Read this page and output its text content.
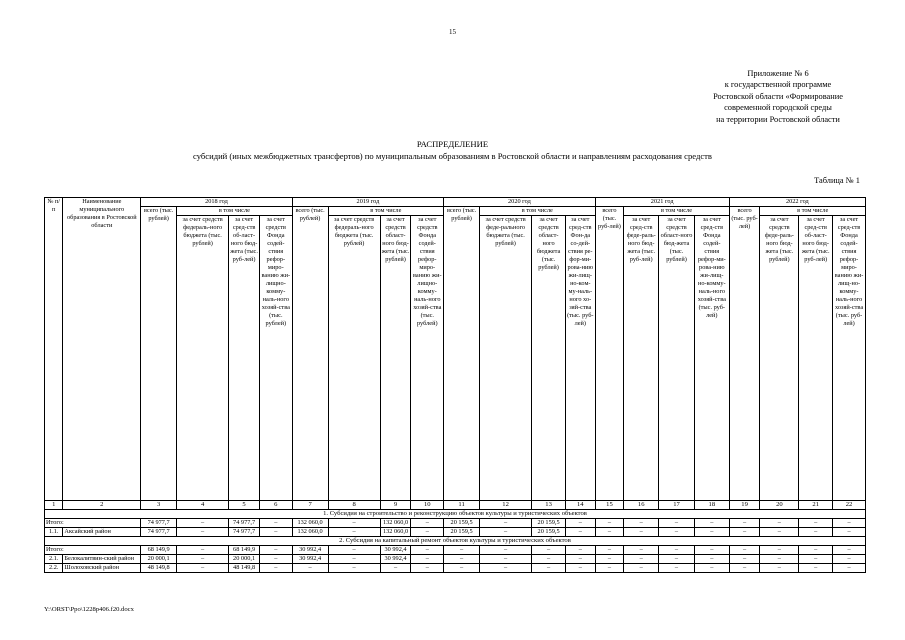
15
Приложение № 6
к государственной программе
Ростовской области «Формирование
современной городской среды
на территории Ростовской области
РАСПРЕДЕЛЕНИЕ
субсидий (иных межбюджетных трансфертов) по муниципальным образованиям в Ростовской области и направлениям расходования средств
Таблица № 1
№ п/п	Наименование муниципального образования в Ростовской области	2018 год				2019 год				2020 год				2021 год				2022 год			
		всего (тыс. рублей)	в том числе			всего (тыс. рублей)	в том числе			всего (тыс. рублей)	в том числе			всего (тыс. руб-лей)	в том числе			всего (тыс. руб-лей)	в том числе		
			за счет средств федераль-ного бюджета (тыс. рублей)	за счет сред-ств об-ласт-ного бюд-жета (тыс. руб-лей)	за счет средств Фонда содей-ствия рефор-миро-ванию жи-лищно-комму-наль-ного хозяй-ства (тыс. рублей)		за счет средств федераль-ного бюджета (тыс. рублей)	за счет средств област-ного бюд-жета (тыс. рублей)	за счет средств Фонда содей-ствия рефор-миро-ванию жи-лищно-комму-наль-ного хозяй-ства (тыс. рублей)		за счет средств феде-рального бюджета (тыс. рублей)	за счет средств област-ного бюджета (тыс. рублей)	за счет сред-ств Фон-да со-дей-ствия ре-фор-ми-рова-нию жи-лищ-но-ком-му-наль-ного хо-зяй-ства (тыс. руб-лей)		за счет сред-ств феде-раль-ного бюд-жета (тыс. руб-лей)	за счет средств област-ного бюд-жета (тыс. рублей)	за счет сред-ств Фонда содей-ствия рефор-ми-рова-нию жи-лищ-но-комму-наль-ного хозяй-ства (тыс. руб-лей)		за счет средств феде-раль-ного бюд-жета (тыс. рублей)	за счет сред-ств об-ласт-ного бюд-жета (тыс. руб-лей)	за счет сред-ств Фонда содей-ствия рефор-миро-ванию жи-лищ-но-комму-наль-ного хозяй-ства (тыс. руб-лей)
1	2	3	4	5	6	7	8	9	10	11	12	13	14	15	16	17	18	19	20	21	22
1. Субсидия на строительство и реконструкцию объектов культуры и туристических объектов																					
Итого:		74 977,7	–	74 977,7	–	132 060,0	–	132 060,0	–	20 159,5	–	20 159,5	–	–	–	–	–	–	–	–	–
1.1.	Аксайский район	74 977,7	–	74 977,7	–	132 060,0	–	132 060,0	–	20 159,5	–	20 159,5	–	–	–	–	–	–	–	–	–
2. Субсидия на капитальный ремонт объектов культуры и туристических объектов																					
Итого:		68 149,9	–	68 149,9	–	30 992,4	–	30 992,4	–	–	–	–	–	–	–	–	–	–	–	–	–
2.1.	Белокалитвин-ский район	20 000,1	–	20 000,1	–	30 992,4	–	30 992,4	–	–	–	–	–	–	–	–	–	–	–	–	–
2.2.	Шолоховский район	48 149,8	–	48 149,8	–	–	–	–	–	–	–	–	–	–	–	–	–	–	–	–	–
Y:\ORST\Ppo\1228p406.f20.docx
